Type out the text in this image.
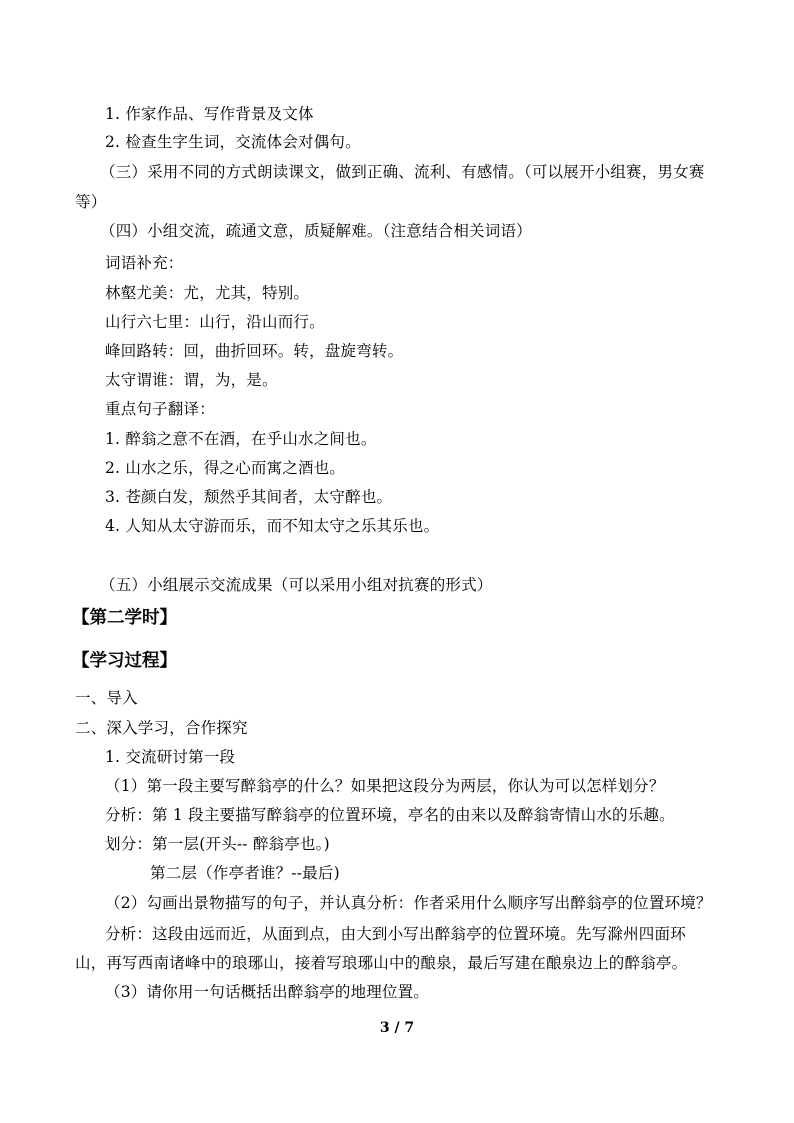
1. 作家作品、写作背景及文体
2. 检查生字生词，交流体会对偶句。
（三）采用不同的方式朗读课文，做到正确、流利、有感情。（可以展开小组赛，男女赛
等）
（四）小组交流，疏通文意，质疑解难。（注意结合相关词语）
词语补充：
林壑尤美：尤，尤其，特别。
山行六七里：山行，沿山而行。
峰回路转：回，曲折回环。转，盘旋弯转。
太守谓谁：谓，为，是。
重点句子翻译：
1. 醉翁之意不在酒，在乎山水之间也。
2. 山水之乐，得之心而寓之酒也。
3. 苍颜白发，颓然乎其间者，太守醉也。
4. 人知从太守游而乐，而不知太守之乐其乐也。
（五）小组展示交流成果（可以采用小组对抗赛的形式）
【第二学时】
【学习过程】
一、导入
二、深入学习，合作探究
1. 交流研讨第一段
（1）第一段主要写醉翁亭的什么？如果把这段分为两层，你认为可以怎样划分？
分析：第 1 段主要描写醉翁亭的位置环境，亭名的由来以及醉翁寄情山水的乐趣。
划分：第一层(开头-- 醉翁亭也。)
第二层（作亭者谁？--最后)
（2）勾画出景物描写的句子，并认真分析：作者采用什么顺序写出醉翁亭的位置环境？
分析：这段由远而近，从面到点，由大到小写出醉翁亭的位置环境。先写滁州四面环
山，再写西南诸峰中的琅琊山，接着写琅琊山中的酿泉，最后写建在酿泉边上的醉翁亭。
（3）请你用一句话概括出醉翁亭的地理位置。
3 / 7
